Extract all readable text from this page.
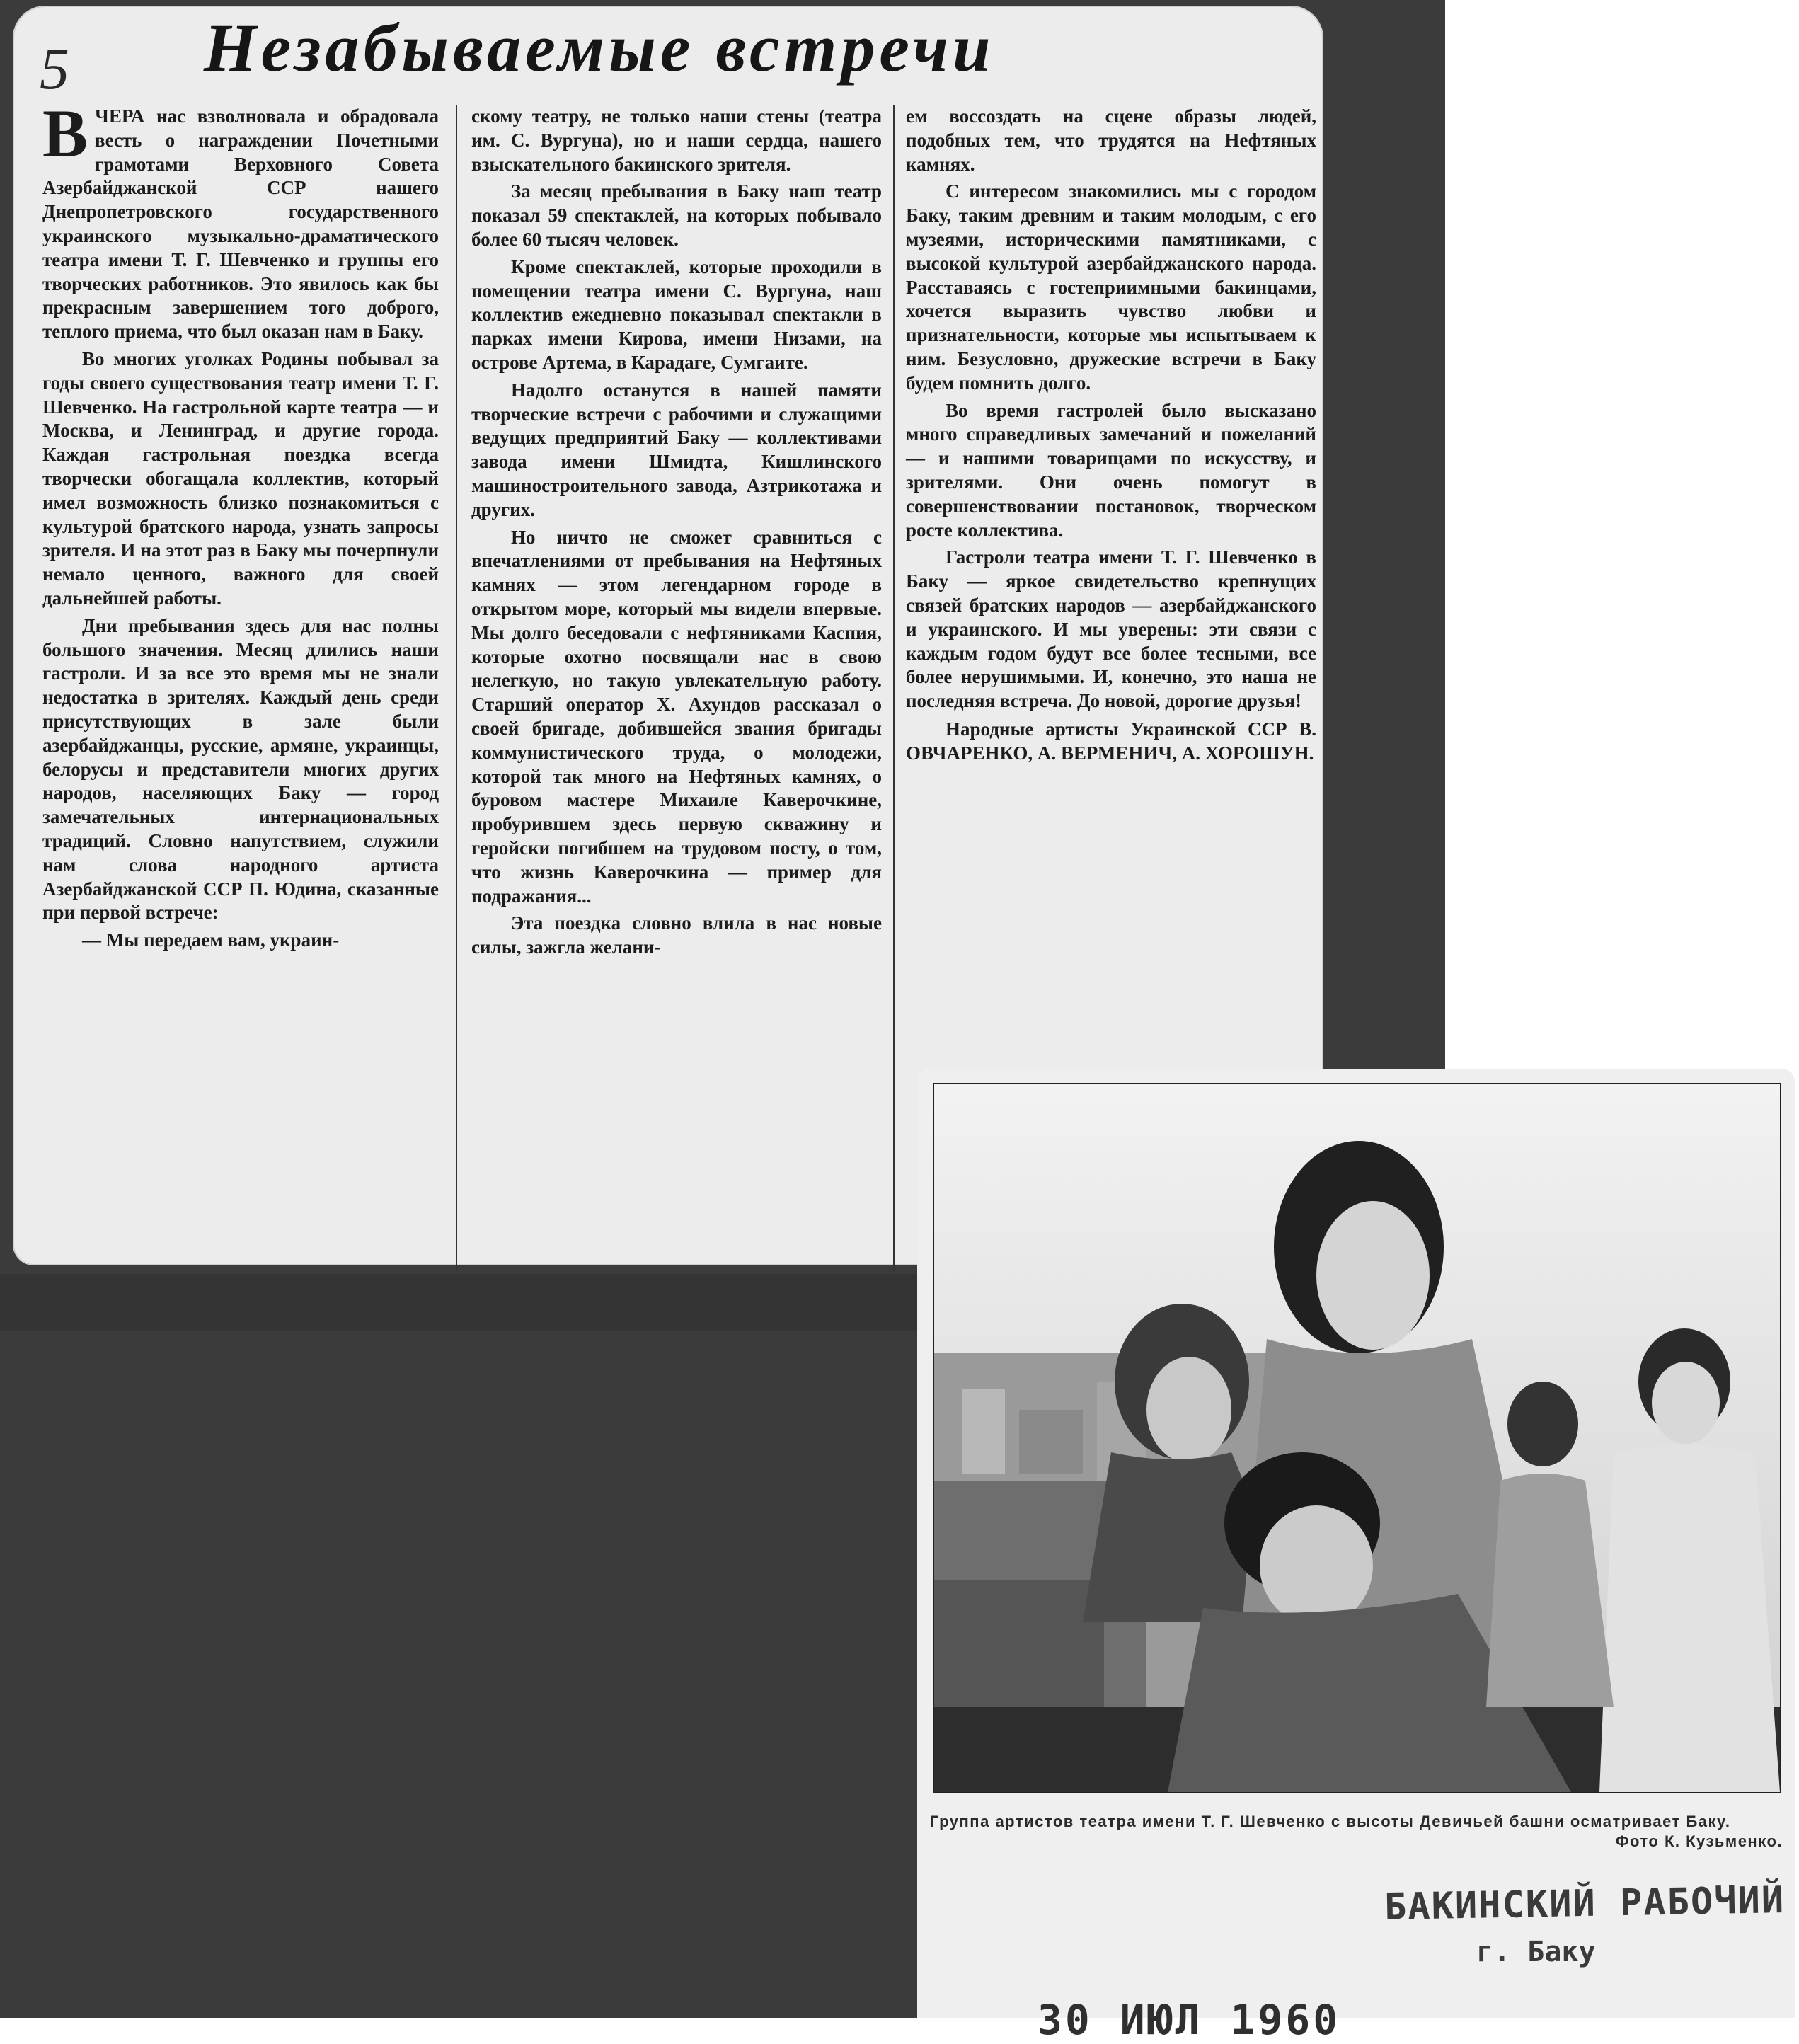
5 Незабываемые встречи

ВЧЕРА нас взволновала и обрадовала весть о награждении Почетными грамотами Верховного Совета Азербайджанской ССР нашего Днепропетровского государственного украинского музыкально-драматического театра имени Т. Г. Шевченко и группы его творческих работников. Это явилось как бы прекрасным завершением того доброго, теплого приема, что был оказан нам в Баку.

Во многих уголках Родины побывал за годы своего существования театр имени Т. Г. Шевченко. На гастрольной карте театра — и Москва, и Ленинград, и другие города. Каждая гастрольная поездка всегда творчески обогащала коллектив, который имел возможность близко познакомиться с культурой братского народа, узнать запросы зрителя. И на этот раз в Баку мы почерпнули немало ценного, важного для своей дальнейшей работы.

Дни пребывания здесь для нас полны большого значения. Месяц длились наши гастроли. И за все это время мы не знали недостатка в зрителях. Каждый день среди присутствующих в зале были азербайджанцы, русские, армяне, украинцы, белорусы и представители многих других народов, населяющих Баку — город замечательных интернациональных традиций. Словно напутствием, служили нам слова народного артиста Азербайджанской ССР П. Юдина, сказанные при первой встрече:

— Мы передаем вам, украин-

скому театру, не только наши стены (театра им. С. Вургуна), но и наши сердца, нашего взыскательного бакинского зрителя.

За месяц пребывания в Баку наш театр показал 59 спектаклей, на которых побывало более 60 тысяч человек.

Кроме спектаклей, которые проходили в помещении театра имени С. Вургуна, наш коллектив ежедневно показывал спектакли в парках имени Кирова, имени Низами, на острове Артема, в Карадаге, Сумгаите.

Надолго останутся в нашей памяти творческие встречи с рабочими и служащими ведущих предприятий Баку — коллективами завода имени Шмидта, Кишлинского машиностроительного завода, Азтрикотажа и других.

Но ничто не сможет сравниться с впечатлениями от пребывания на Нефтяных камнях — этом легендарном городе в открытом море, который мы видели впервые. Мы долго беседовали с нефтяниками Каспия, которые охотно посвящали нас в свою нелегкую, но такую увлекательную работу. Старший оператор Х. Ахундов рассказал о своей бригаде, добившейся звания бригады коммунистического труда, о молодежи, которой так много на Нефтяных камнях, о буровом мастере Михаиле Каверочкине, пробурившем здесь первую скважину и геройски погибшем на трудовом посту, о том, что жизнь Каверочкина — пример для подражания...

Эта поездка словно влила в нас новые силы, зажгла желани-

ем воссоздать на сцене образы людей, подобных тем, что трудятся на Нефтяных камнях.

С интересом знакомились мы с городом Баку, таким древним и таким молодым, с его музеями, историческими памятниками, с высокой культурой азербайджанского народа. Расставаясь с гостеприимными бакинцами, хочется выразить чувство любви и признательности, которые мы испытываем к ним. Безусловно, дружеские встречи в Баку будем помнить долго.

Во время гастролей было высказано много справедливых замечаний и пожеланий — и нашими товарищами по искусству, и зрителями. Они очень помогут в совершенствовании постановок, творческом росте коллектива.

Гастроли театра имени Т. Г. Шевченко в Баку — яркое свидетельство крепнущих связей братских народов — азербайджанского и украинского. И мы уверены: эти связи с каждым годом будут все более тесными, все более нерушимыми. И, конечно, это наша не последняя встреча. До новой, дорогие друзья!

Народные артисты Украинской ССР В. ОВЧАРЕНКО, А. ВЕРМЕНИЧ, А. ХОРОШУН.

Группа артистов театра имени Т. Г. Шевченко с высоты Девичьей башни осматривает Баку.
Фото К. Кузьменко.
БАКИНСКИЙ РАБОЧИЙ
г. Баку
30 ИЮЛ 1960
